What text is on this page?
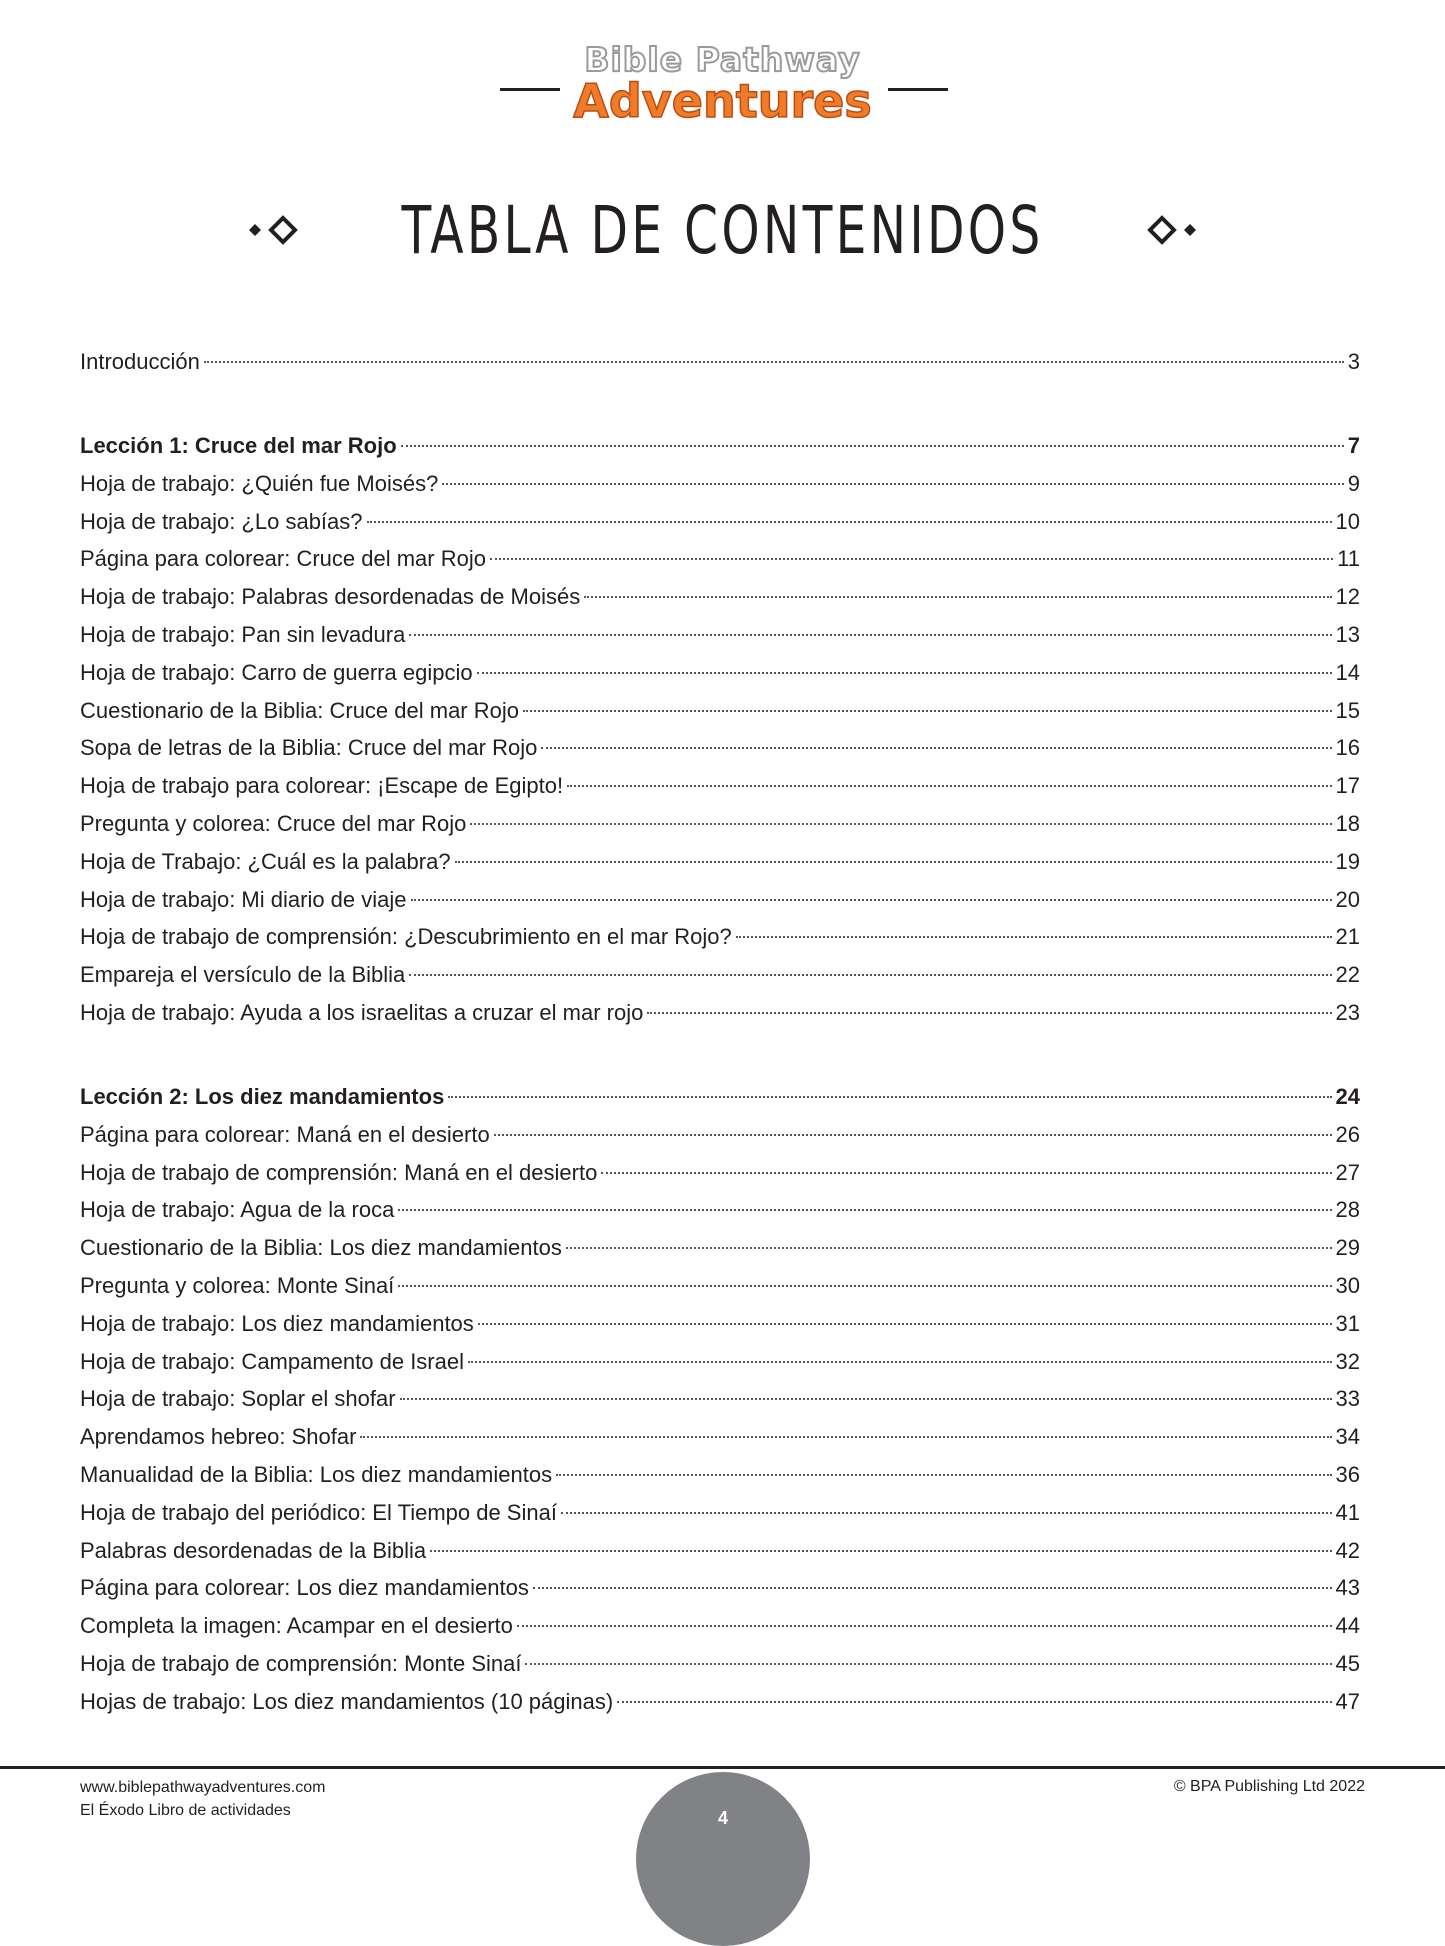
Bible Pathway
Adventures
TABLA DE CONTENIDOS
Introducción	3
Lección 1: Cruce del mar Rojo	7
Hoja de trabajo: ¿Quién fue Moisés?	9
Hoja de trabajo: ¿Lo sabías?	10
Página para colorear: Cruce del mar Rojo	11
Hoja de trabajo: Palabras desordenadas de Moisés	12
Hoja de trabajo: Pan sin levadura	13
Hoja de trabajo: Carro de guerra egipcio	14
Cuestionario de la Biblia: Cruce del mar Rojo	15
Sopa de letras de la Biblia: Cruce del mar Rojo	16
Hoja de trabajo para colorear: ¡Escape de Egipto!	17
Pregunta y colorea: Cruce del mar Rojo	18
Hoja de Trabajo: ¿Cuál es la palabra?	19
Hoja de trabajo: Mi diario de viaje	20
Hoja de trabajo de comprensión: ¿Descubrimiento en el mar Rojo?	21
Empareja el versículo de la Biblia	22
Hoja de trabajo: Ayuda a los israelitas a cruzar el mar rojo	23
Lección 2: Los diez mandamientos	24
Página para colorear: Maná en el desierto	26
Hoja de trabajo de comprensión: Maná en el desierto	27
Hoja de trabajo: Agua de la roca	28
Cuestionario de la Biblia: Los diez mandamientos	29
Pregunta y colorea: Monte Sinaí	30
Hoja de trabajo: Los diez mandamientos	31
Hoja de trabajo: Campamento de Israel	32
Hoja de trabajo: Soplar el shofar	33
Aprendamos hebreo: Shofar	34
Manualidad de la Biblia: Los diez mandamientos	36
Hoja de trabajo del periódico: El Tiempo de Sinaí	41
Palabras desordenadas de la Biblia	42
Página para colorear: Los diez mandamientos	43
Completa la imagen: Acampar en el desierto	44
Hoja de trabajo de comprensión: Monte Sinaí	45
Hojas de trabajo: Los diez mandamientos (10 páginas)	47
www.biblepathwayadventures.com
El Éxodo Libro de actividades
© BPA Publishing Ltd 2022
4
